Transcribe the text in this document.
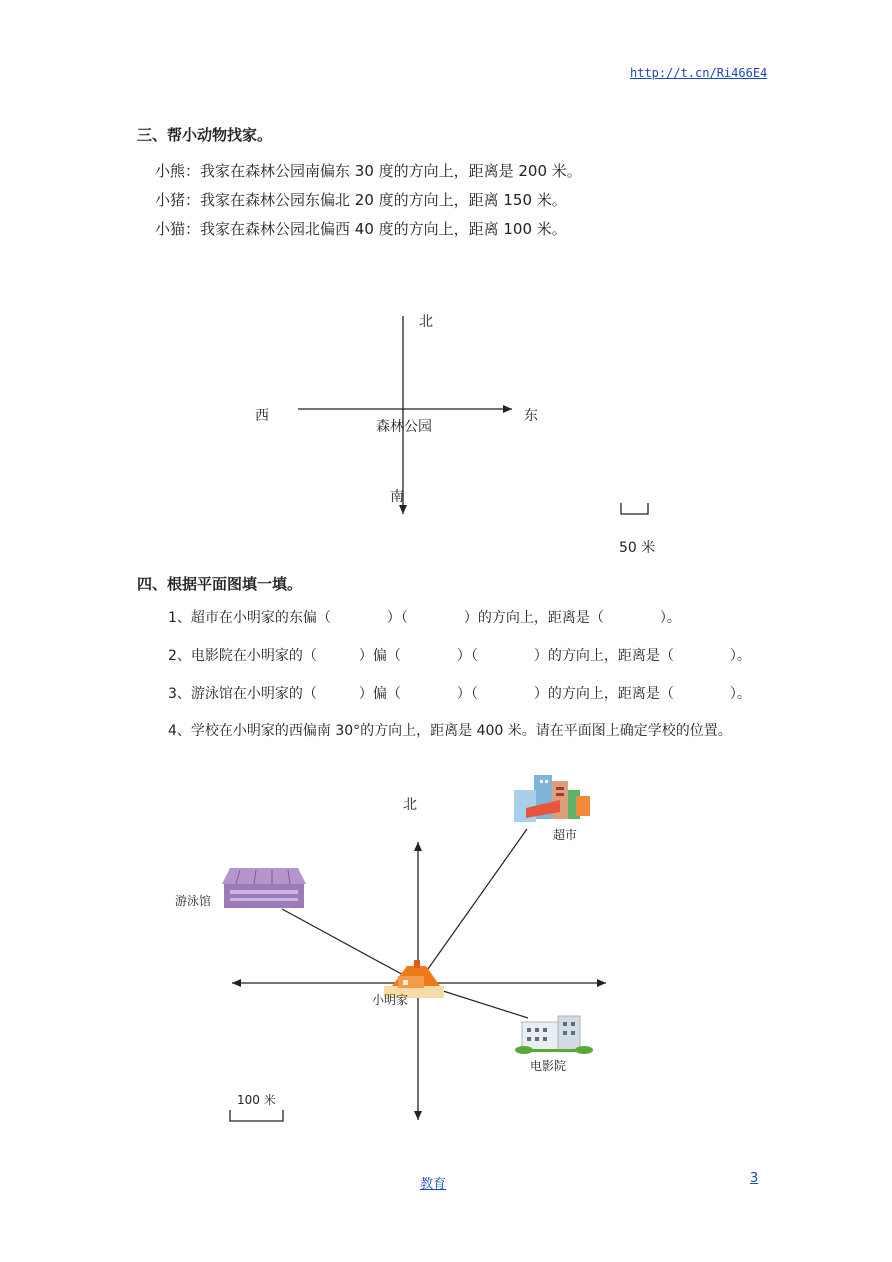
http://t.cn/Ri466E4
三、帮小动物找家。
小熊：我家在森林公园南偏东 30 度的方向上，距离是 200 米。
小猪：我家在森林公园东偏北 20 度的方向上，距离 150 米。
小猫：我家在森林公园北偏西 40 度的方向上，距离 100 米。
北
西	东
森林公园
南
50 米
四、根据平面图填一填。
1、超市在小明家的东偏（　　　　）（　　　　）的方向上，距离是（　　　　）。
2、电影院在小明家的（　　　）偏（　　　　）（　　　　）的方向上，距离是（　　　　）。
3、游泳馆在小明家的（　　　）偏（　　　　）（　　　　）的方向上，距离是（　　　　）。
4、学校在小明家的西偏南 30°的方向上，距离是 400 米。请在平面图上确定学校的位置。
北
超市
游泳馆
小明家
电影院
100 米
教育	3
